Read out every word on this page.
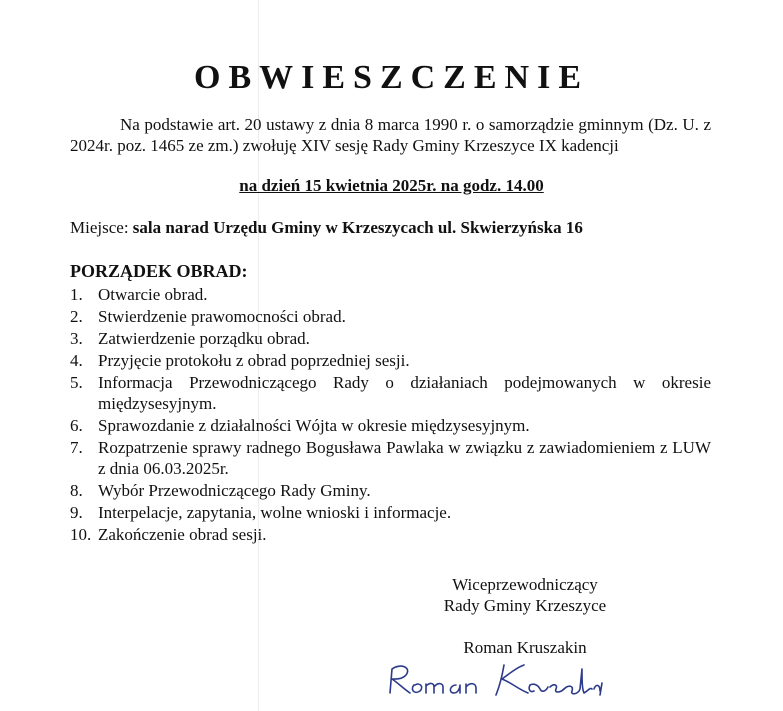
OBWIESZCZENIE
Na podstawie art. 20 ustawy z dnia 8 marca 1990 r. o samorządzie gminnym (Dz. U. z 2024r. poz. 1465 ze zm.) zwołuję XIV sesję Rady Gminy Krzeszyce IX kadencji
na dzień 15 kwietnia 2025r. na godz. 14.00
Miejsce: sala narad Urzędu Gminy w Krzeszycach ul. Skwierzyńska 16
PORZĄDEK OBRAD:
1. Otwarcie obrad.
2. Stwierdzenie prawomocności obrad.
3. Zatwierdzenie porządku obrad.
4. Przyjęcie protokołu z obrad poprzedniej sesji.
5. Informacja Przewodniczącego Rady o działaniach podejmowanych w okresie międzysesyjnym.
6. Sprawozdanie z działalności Wójta w okresie międzysesyjnym.
7. Rozpatrzenie sprawy radnego Bogusława Pawlaka w związku z zawiadomieniem z LUW z dnia 06.03.2025r.
8. Wybór Przewodniczącego Rady Gminy.
9. Interpelacje, zapytania, wolne wnioski i informacje.
10. Zakończenie obrad sesji.
Wiceprzewodniczący
Rady Gminy Krzeszyce
Roman Kruszakin
